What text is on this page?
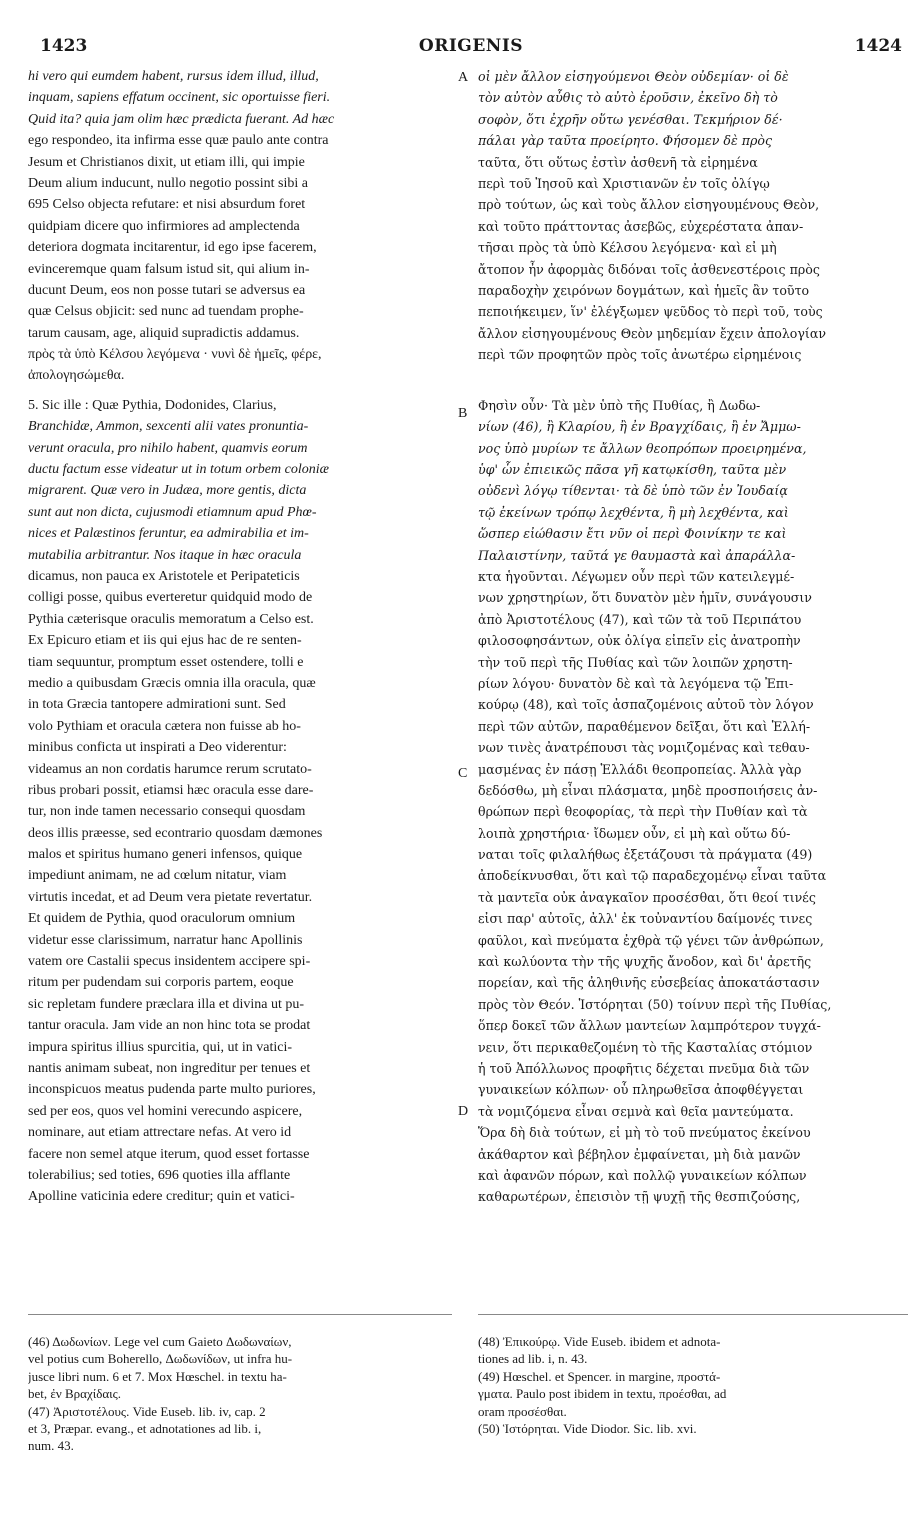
1423	ORIGENIS	1424
hi vero qui eumdem habent, rursus idem illud, illud,
inquam, sapiens effatum occinent, sic oportuisse fieri.
Quid ita? quia jam olim hæc prædicta fuerant. Ad hæc
ego respondeo, ita infirma esse quæ paulo ante contra
Jesum et Christianos dixit, ut etiam illi, qui impie
Deum alium inducunt, nullo negotio possint sibi a
695 Celso objecta refutare: et nisi absurdum foret
quidpiam dicere quo infirmiores ad amplectenda
deteriora dogmata incitarentur, id ego ipse facerem,
evinceremque quam falsum istud sit, qui alium in-
ducunt Deum, eos non posse tutari se adversus ea
quæ Celsus objicit: sed nunc ad tuendam prophe-
tarum causam, age, aliquid supradictis addamus.
πρὸς τὰ ὑπὸ Κέλσου λεγόμενα · νυνὶ δὲ ἡμεῖς, φέρε,
ἀπολογησώμεθα.
5. Sic ille : Quæ Pythia, Dodonides, Clarius,
Branchidæ, Ammon, sexcenti alii vates pronuntia-
verunt oracula, pro nihilo habent, quamvis eorum
ductu factum esse videatur ut in totum orbem coloniæ
migrarent. Quæ vero in Judæa, more gentis, dicta
sunt aut non dicta, cujusmodi etiamnum apud Phœ-
nices et Palæstinos feruntur, ea admirabilia et im-
mutabilia arbitrantur. Nos itaque in hæc oracula
dicamus, non pauca ex Aristotele et Peripateticis
colligi posse, quibus everteretur quidquid modo de
Pythia cæterisque oraculis memoratum a Celso est.
Ex Epicuro etiam et iis qui ejus hac de re senten-
tiam sequuntur, promptum esset ostendere, tolli e
medio a quibusdam Græcis omnia illa oracula, quæ
in tota Græcia tantopere admirationi sunt. Sed
volo Pythiam et oracula cætera non fuisse ab ho-
minibus conficta ut inspirati a Deo viderentur:
videamus an non cordatis harumce rerum scrutato-
ribus probari possit, etiamsi hæc oracula esse dare-
tur, non inde tamen necessario consequi quosdam
deos illis præesse, sed econtrario quosdam dæmones
malos et spiritus humano generi infensos, quique
impediunt animam, ne ad cœlum nitatur, viam
virtutis incedat, et ad Deum vera pietate revertatur.
Et quidem de Pythia, quod oraculorum omnium
videtur esse clarissimum, narratur hanc Apollinis
vatem ore Castalii specus insidentem accipere spi-
ritum per pudendam sui corporis partem, eoque
sic repletam fundere præclara illa et divina ut pu-
tantur oracula. Jam vide an non hinc tota se prodat
impura spiritus illius spurcitia, qui, ut in vatici-
nantis animam subeat, non ingreditur per tenues et
inconspicuos meatus pudenda parte multo puriores,
sed per eos, quos vel homini verecundo aspicere,
nominare, aut etiam attrectare nefas. At vero id
facere non semel atque iterum, quod esset fortasse
tolerabilius; sed toties, 696 quoties illa afflante
Apolline vaticinia edere creditur; quin et vatici-
οἱ μὲν ἄλλον εἰσηγούμενοι Θεὸν οὐδεμίαν· οἱ δὲ
τὸν αὐτὸν αὖθις τὸ αὐτὸ ἐροῦσιν, ἐκεῖνο δὴ τὸ
σοφὸν, ὅτι ἐχρῆν οὕτω γενέσθαι. Τεκμήριον δέ·
πάλαι γὰρ ταῦτα προείρητο. Φήσομεν δὲ πρὸς
ταῦτα, ὅτι οὕτως ἐστὶν ἀσθενῆ τὰ εἰρημένα
περὶ τοῦ Ἰησοῦ καὶ Χριστιανῶν ἐν τοῖς ὀλίγῳ
πρὸ τούτων, ὡς καὶ τοὺς ἄλλον εἰσηγουμένους Θεὸν,
καὶ τοῦτο πράττοντας ἀσεβῶς, εὐχερέστατα ἀπαν-
τῆσαι πρὸς τὰ ὑπὸ Κέλσου λεγόμενα· καὶ εἰ μὴ
ἄτοπον ἦν ἀφορμὰς διδόναι τοῖς ἀσθενεστέροις πρὸς
παραδοχὴν χειρόνων δογμάτων, καὶ ἡμεῖς ἂν τοῦτο
πεποιήκειμεν, ἵν' ἐλέγξωμεν ψεῦδος τὸ περὶ τοῦ, τοὺς
ἄλλον εἰσηγουμένους Θεὸν μηδεμίαν ἔχειν ἀπολογίαν
περὶ τῶν προφητῶν πρὸς τοῖς ἀνωτέρω εἰρημένοις
Φησὶν οὖν· Τὰ μὲν ὑπὸ τῆς Πυθίας, ἢ Δωδω-
νίων (46), ἢ Κλαρίου, ἢ ἐν Βραγχίδαις, ἢ ἐν Ἄμμω-
νος ὑπὸ μυρίων τε ἄλλων θεοπρόπων προειρημένα,
ὑφ' ὧν ἐπιεικῶς πᾶσα γῆ κατῳκίσθη, ταῦτα μὲν
οὐδενὶ λόγῳ τίθενται· τὰ δὲ ὑπὸ τῶν ἐν Ἰουδαίᾳ
τῷ ἐκείνων τρόπῳ λεχθέντα, ἢ μὴ λεχθέντα, καὶ
ὥσπερ εἰώθασιν ἔτι νῦν οἱ περὶ Φοινίκην τε καὶ
Παλαιστίνην, ταῦτά γε θαυμαστὰ καὶ ἀπαράλλα-
κτα ἡγοῦνται. Λέγωμεν οὖν περὶ τῶν κατειλεγμέ-
νων χρηστηρίων, ὅτι δυνατὸν μὲν ἡμῖν, συνάγουσιν
ἀπὸ Ἀριστοτέλους (47), καὶ τῶν τὰ τοῦ Περιπάτου
φιλοσοφησάντων, οὐκ ὀλίγα εἰπεῖν εἰς ἀνατροπὴν
τὴν τοῦ περὶ τῆς Πυθίας καὶ τῶν λοιπῶν χρηστη-
ρίων λόγου· δυνατὸν δὲ καὶ τὰ λεγόμενα τῷ Ἐπι-
κούρῳ (48), καὶ τοῖς ἀσπαζομένοις αὐτοῦ τὸν λόγον
περὶ τῶν αὐτῶν, παραθέμενον δεῖξαι, ὅτι καὶ Ἑλλή-
νων τινὲς ἀνατρέπουσι τὰς νομιζομένας καὶ τεθαυ-
μασμένας ἐν πάσῃ Ἑλλάδι θεοπροπείας. Ἀλλὰ γὰρ
δεδόσθω, μὴ εἶναι πλάσματα, μηδὲ προσποιήσεις ἀν-
θρώπων περὶ θεοφορίας, τὰ περὶ τὴν Πυθίαν καὶ τὰ
λοιπὰ χρηστήρια· ἴδωμεν οὖν, εἰ μὴ καὶ οὕτω δύ-
ναται τοῖς φιλαλήθως ἐξετάζουσι τὰ πράγματα (49)
ἀποδείκνυσθαι, ὅτι καὶ τῷ παραδεχομένῳ εἶναι ταῦτα
τὰ μαντεῖα οὐκ ἀναγκαῖον προσέσθαι, ὅτι θεοί τινές
εἰσι παρ' αὐτοῖς, ἀλλ' ἐκ τοὐναντίου δαίμονές τινες
φαῦλοι, καὶ πνεύματα ἐχθρὰ τῷ γένει τῶν ἀνθρώπων,
καὶ κωλύοντα τὴν τῆς ψυχῆς ἄνοδον, καὶ δι' ἀρετῆς
πορείαν, καὶ τῆς ἀληθινῆς εὐσεβείας ἀποκατάστασιν
πρὸς τὸν Θεόν. Ἱστόρηται (50) τοίνυν περὶ τῆς Πυθίας,
ὅπερ δοκεῖ τῶν ἄλλων μαντείων λαμπρότερον τυγχά-
νειν, ὅτι περικαθεζομένη τὸ τῆς Κασταλίας στόμιον
ἡ τοῦ Ἀπόλλωνος προφῆτις δέχεται πνεῦμα διὰ τῶν
γυναικείων κόλπων· οὗ πληρωθεῖσα ἀποφθέγγεται
τὰ νομιζόμενα εἶναι σεμνὰ καὶ θεῖα μαντεύματα.
Ὅρα δὴ διὰ τούτων, εἰ μὴ τὸ τοῦ πνεύματος ἐκείνου
ἀκάθαρτον καὶ βέβηλον ἐμφαίνεται, μὴ διὰ μανῶν
καὶ ἀφανῶν πόρων, καὶ πολλῷ γυναικείων κόλπων
καθαρωτέρων, ἐπεισιὸν τῇ ψυχῇ τῆς θεσπιζούσης,
A
B
C
D
(46) Δωδωνίων. Lege vel cum Gaieto Δωδωναίων,
vel potius cum Boherello, Δωδωνίδων, ut infra hu-
jusce libri num. 6 et 7. Mox Hœschel. in textu ha-
bet, ἐν Βραχίδαις.
(47) Ἀριστοτέλους. Vide Euseb. lib. iv, cap. 2
et 3, Præpar. evang., et adnotationes ad lib. i,
num. 43.
(48) Ἐπικούρῳ. Vide Euseb. ibidem et adnota-
tiones ad lib. i, n. 43.
(49) Hœschel. et Spencer. in margine, προστά-
γματα. Paulo post ibidem in textu, προέσθαι, ad
oram προσέσθαι.
(50) Ἱστόρηται. Vide Diodor. Sic. lib. xvi.
